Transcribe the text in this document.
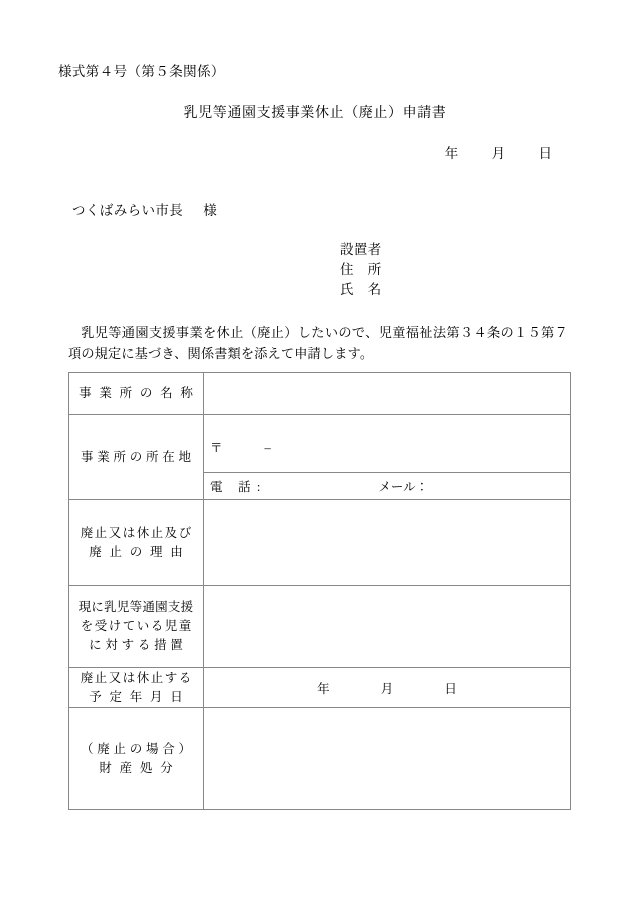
様式第４号（第５条関係）
乳児等通園支援事業休止（廃止）申請書
年 月 日
つくばみらい市長 様
設置者
住　所
氏　名
乳児等通園支援事業を休止（廃止）したいので、児童福祉法第３４条の１５第７項の規定に基づき、関係書類を添えて申請します。
事業所の名称	

事業所の所在地	〒 –

	電 話: メール：

廃止又は休止及び
廃止の理由	

現に乳児等通園支援
を受けている児童
に対する措置	

廃止又は休止する
予定年月日	年 月 日

（廃止の場合）
財産処分	
